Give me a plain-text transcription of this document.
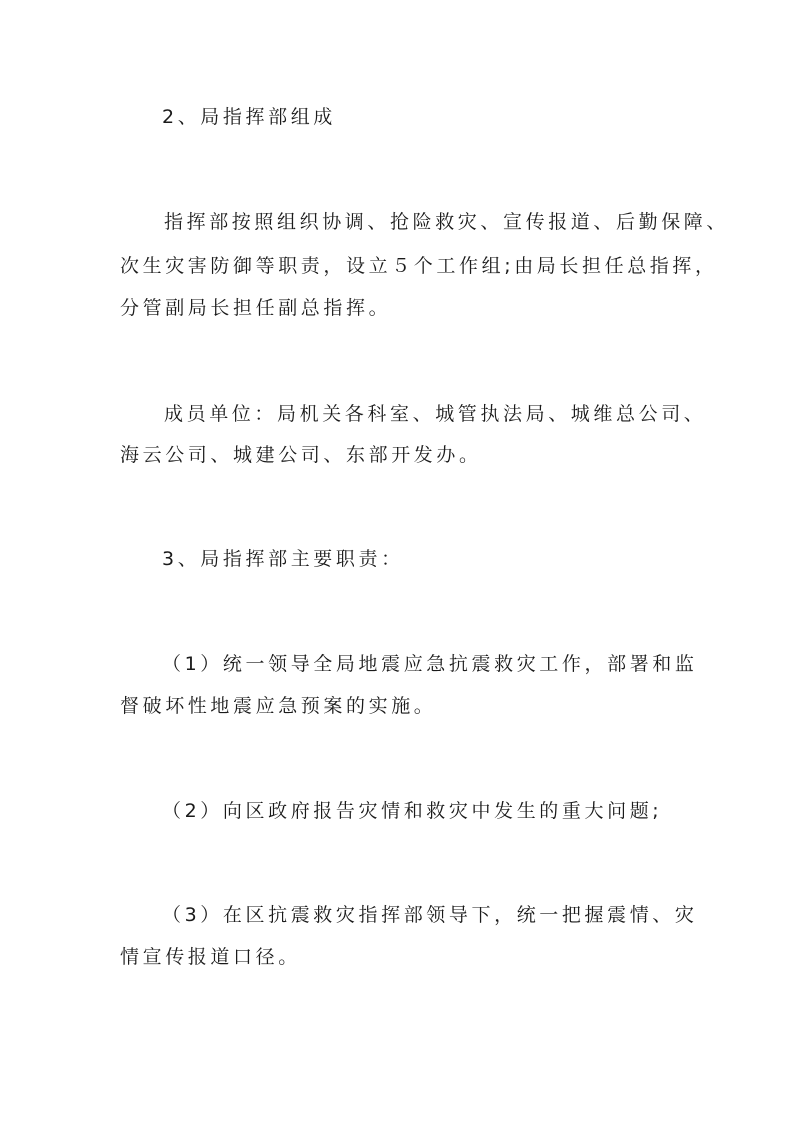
2、局指挥部组成
指挥部按照组织协调、抢险救灾、宣传报道、后勤保障、
次生灾害防御等职责，设立５个工作组;由局长担任总指挥，
分管副局长担任副总指挥。
成员单位：局机关各科室、城管执法局、城维总公司、
海云公司、城建公司、东部开发办。
3、局指挥部主要职责：
（1）统一领导全局地震应急抗震救灾工作，部署和监
督破坏性地震应急预案的实施。
（2）向区政府报告灾情和救灾中发生的重大问题;
（3）在区抗震救灾指挥部领导下，统一把握震情、灾
情宣传报道口径。
